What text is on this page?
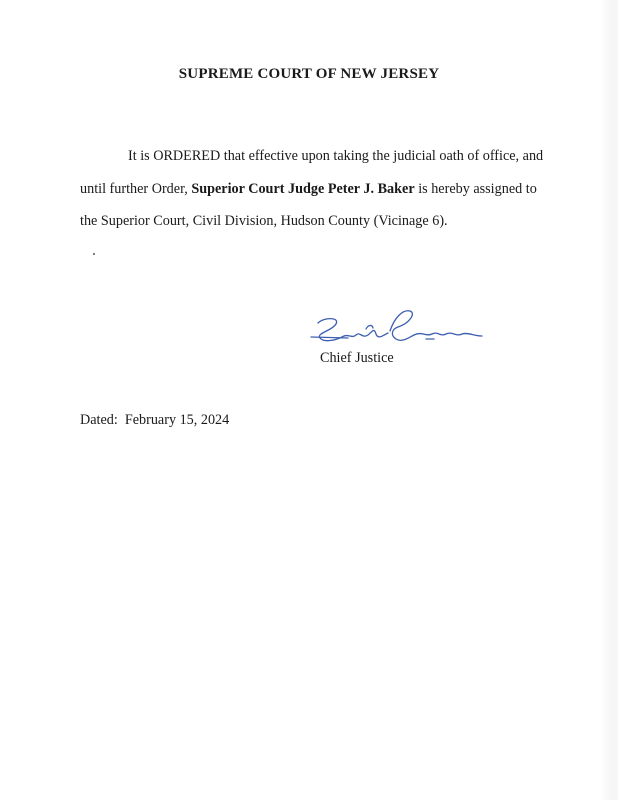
SUPREME COURT OF NEW JERSEY

It is ORDERED that effective upon taking the judicial oath of office, and

until further Order, Superior Court Judge Peter J. Baker is hereby assigned to

the Superior Court, Civil Division, Hudson County (Vicinage 6).

Chief Justice
Dated: February 15, 2024
